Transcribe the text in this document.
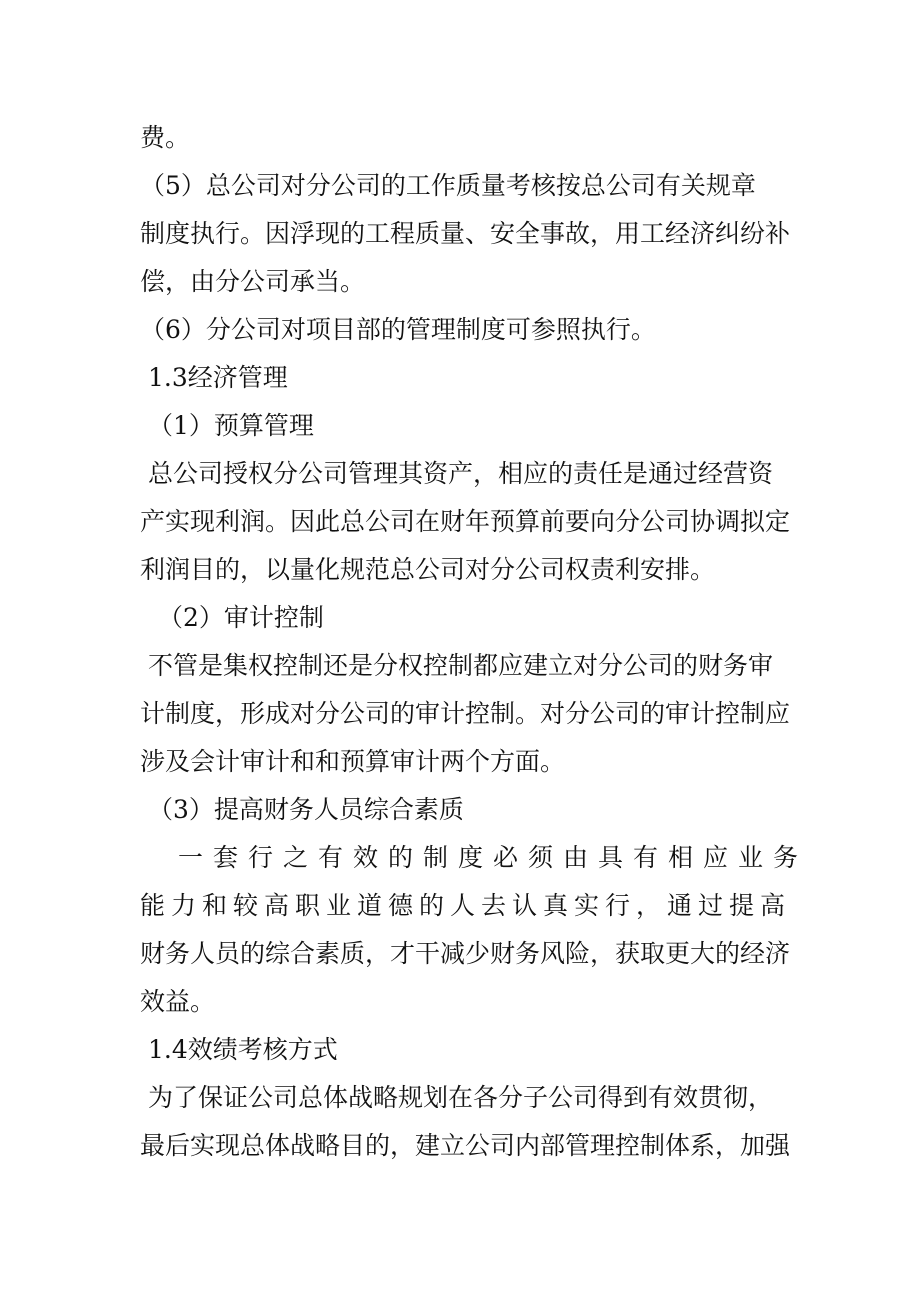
费。
（5）总公司对分公司的工作质量考核按总公司有关规章
制度执行。因浮现的工程质量、安全事故，用工经济纠纷补
偿，由分公司承当。
（6）分公司对项目部的管理制度可参照执行。
1.3经济管理
（1）预算管理
总公司授权分公司管理其资产，相应的责任是通过经营资
产实现利润。因此总公司在财年预算前要向分公司协调拟定
利润目的，以量化规范总公司对分公司权责利安排。
（2）审计控制
不管是集权控制还是分权控制都应建立对分公司的财务审
计制度，形成对分公司的审计控制。对分公司的审计控制应
涉及会计审计和和预算审计两个方面。
（3）提高财务人员综合素质
一套行之有效的制度必须由具有相应业务
能力和较高职业道德的人去认真实行，通过提高
财务人员的综合素质，才干减少财务风险，获取更大的经济
效益。
1.4效绩考核方式
为了保证公司总体战略规划在各分子公司得到有效贯彻，
最后实现总体战略目的，建立公司内部管理控制体系，加强
